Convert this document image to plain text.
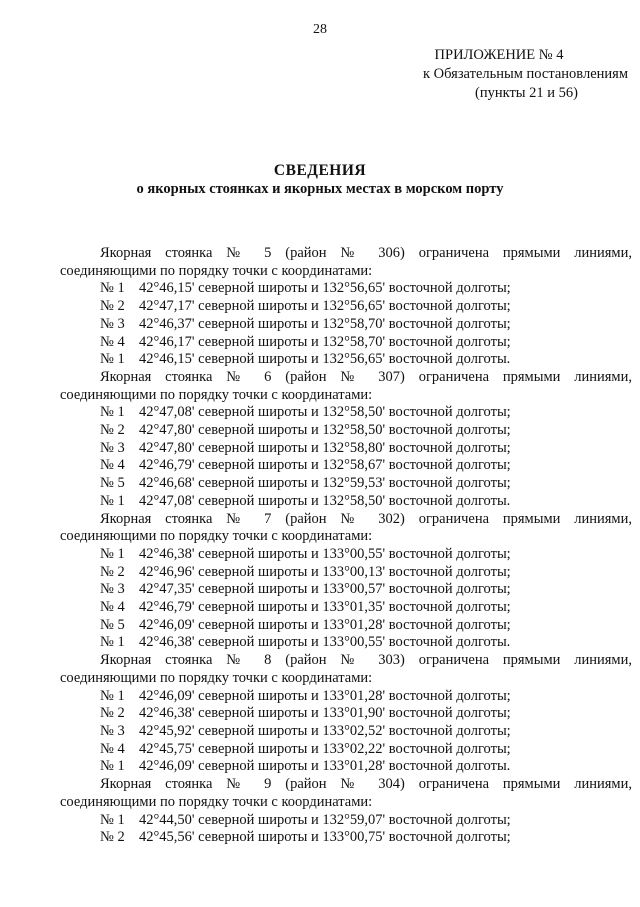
28
ПРИЛОЖЕНИЕ № 4
к Обязательным постановлениям
(пункты 21 и 56)
СВЕДЕНИЯ
о якорных стоянках и якорных местах в морском порту
Якорная стоянка № 5 (район № 306) ограничена прямыми линиями,
соединяющими по порядку точки с координатами:
№ 1 42°46,15' северной широты и 132°56,65' восточной долготы;
№ 2 42°47,17' северной широты и 132°56,65' восточной долготы;
№ 3 42°46,37' северной широты и 132°58,70' восточной долготы;
№ 4 42°46,17' северной широты и 132°58,70' восточной долготы;
№ 1 42°46,15' северной широты и 132°56,65' восточной долготы.
Якорная стоянка № 6 (район № 307) ограничена прямыми линиями,
соединяющими по порядку точки с координатами:
№ 1 42°47,08' северной широты и 132°58,50' восточной долготы;
№ 2 42°47,80' северной широты и 132°58,50' восточной долготы;
№ 3 42°47,80' северной широты и 132°58,80' восточной долготы;
№ 4 42°46,79' северной широты и 132°58,67' восточной долготы;
№ 5 42°46,68' северной широты и 132°59,53' восточной долготы;
№ 1 42°47,08' северной широты и 132°58,50' восточной долготы.
Якорная стоянка № 7 (район № 302) ограничена прямыми линиями,
соединяющими по порядку точки с координатами:
№ 1 42°46,38' северной широты и 133°00,55' восточной долготы;
№ 2 42°46,96' северной широты и 133°00,13' восточной долготы;
№ 3 42°47,35' северной широты и 133°00,57' восточной долготы;
№ 4 42°46,79' северной широты и 133°01,35' восточной долготы;
№ 5 42°46,09' северной широты и 133°01,28' восточной долготы;
№ 1 42°46,38' северной широты и 133°00,55' восточной долготы.
Якорная стоянка № 8 (район № 303) ограничена прямыми линиями,
соединяющими по порядку точки с координатами:
№ 1 42°46,09' северной широты и 133°01,28' восточной долготы;
№ 2 42°46,38' северной широты и 133°01,90' восточной долготы;
№ 3 42°45,92' северной широты и 133°02,52' восточной долготы;
№ 4 42°45,75' северной широты и 133°02,22' восточной долготы;
№ 1 42°46,09' северной широты и 133°01,28' восточной долготы.
Якорная стоянка № 9 (район № 304) ограничена прямыми линиями,
соединяющими по порядку точки с координатами:
№ 1 42°44,50' северной широты и 132°59,07' восточной долготы;
№ 2 42°45,56' северной широты и 133°00,75' восточной долготы;
